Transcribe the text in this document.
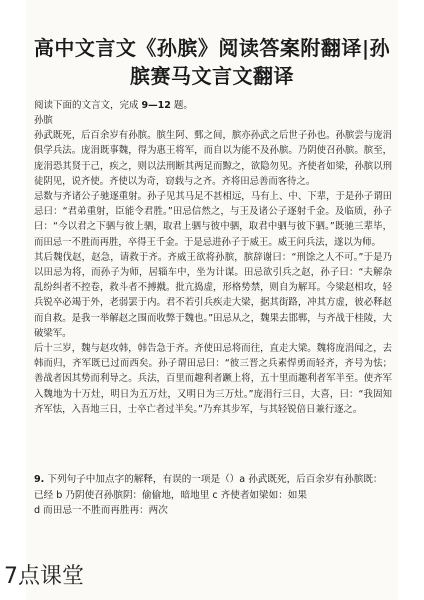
高中文言文《孙膑》阅读答案附翻译|孙
膑赛马文言文翻译
阅读下面的文言文，完成 9—12 题。

孙膑

孙武既死，后百余岁有孙膑。膑生阿、鄄之间，膑亦孙武之后世子孙也。孙膑尝与庞涓俱学兵法。庞涓既事魏，得为惠王将军，而自以为能不及孙膑。乃阴使召孙膑。膑至，庞涓恐其贤于己，疾之，则以法刑断其两足而黥之，欲隐勿见。齐使者如梁，孙膑以刑徒阴见，说齐使。齐使以为奇，窃载与之齐。齐将田忌善而客待之。

忌数与齐诸公子驰逐重射。孙子见其马足不甚相远，马有上、中、下辈，于是孙子谓田忌曰：“君弟重射，臣能令君胜。”田忌信然之，与王及诸公子逐射千金。及临质，孙子曰：“今以君之下驷与彼上驷，取君上驷与彼中驷，取君中驷与彼下驷。”既驰三辈毕，而田忌一不胜而再胜，卒得王千金。于是忌进孙子于威王。威王问兵法，遂以为师。

其后魏伐赵，赵急，请救于齐。齐威王欲将孙膑，膑辞谢曰：“刑馀之人不可。”于是乃以田忌为将，而孙子为师，居辎车中，坐为计谋。田忌欲引兵之赵，孙子曰：“夫解杂乱纷纠者不控卷，救斗者不搏撠。批亢捣虚，形格势禁，则自为解耳。今梁赵相攻，轻兵锐卒必竭于外，老弱罢于内。君不若引兵疾走大梁，据其街路，冲其方虚，彼必释赵而自救。是我一举解赵之围而收弊于魏也。”田忌从之，魏果去邯郸，与齐战于桂陵，大破梁军。

后十三岁，魏与赵攻韩，韩告急于齐。齐使田忌将而往，直走大梁。魏将庞涓闻之，去韩而归，齐军既已过而西矣。孙子谓田忌曰：“彼三晋之兵素悍勇而轻齐，齐号为怯；善战者因其势而利导之。兵法，百里而趣利者蹶上将，五十里而趣利者军半至。使齐军入魏地为十万灶，明日为五万灶，又明日为三万灶。”庞涓行三日，大喜，曰：“我固知齐军怯，入吾地三日，士卒亡者过半矣。”乃弃其步军，与其轻锐倍日兼行逐之。

9. 下列句子中加点字的解释，有误的一项是（）a 孙武既死，后百余岁有孙膑既：已经 b 乃阴使召孙膑阴：偷偷地，暗地里 c 齐使者如梁如：如果

d 而田忌一不胜而再胜再：两次

7点课堂
